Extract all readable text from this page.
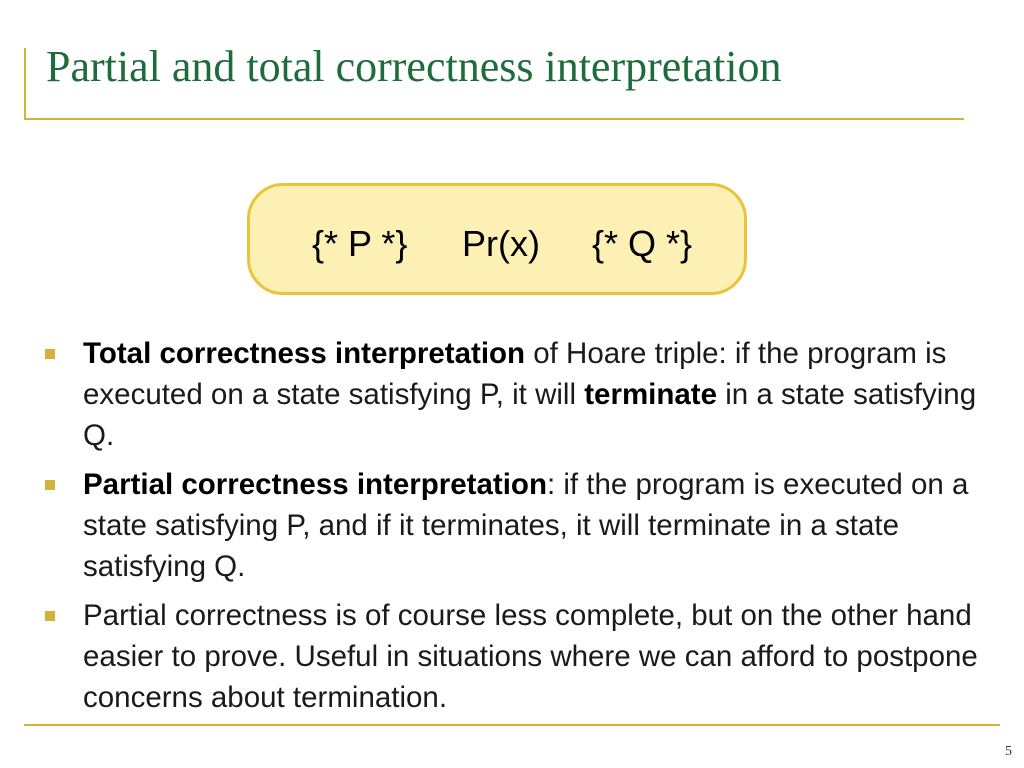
Partial and total correctness interpretation
{* P *} Pr(x) {* Q *}
Total correctness interpretation of Hoare triple: if the program is executed on a state satisfying P, it will terminate in a state satisfying Q.
Partial correctness interpretation: if the program is executed on a state satisfying P, and if it terminates, it will terminate in a state satisfying Q.
Partial correctness is of course less complete, but on the other hand easier to prove. Useful in situations where we can afford to postpone concerns about termination.
5
